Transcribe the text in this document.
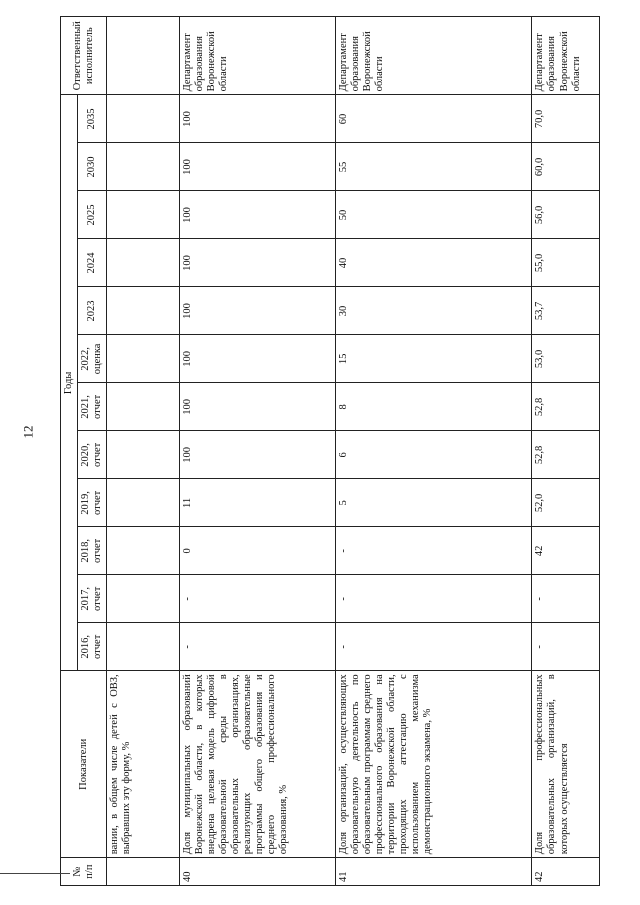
12
№ п/п	Показатели	Годы												Ответственный исполнитель
		2016, отчет	2017, отчет	2018, отчет	2019, отчет	2020, отчет	2021, отчет	2022, оценка	2023	2024	2025	2030	2035	
	вании, в общем числе детей с ОВЗ, выбравших эту форму, %													
40	Доля муниципальных образований Воронежской области, в которых внедрена целевая модель цифровой образовательной среды в образовательных организациях, реализующих образовательные программы общего образования и среднего профессионального образования, %	-	-	0	11	100	100	100	100	100	100	100	100	Департамент образования Воронежской области
41	Доля организаций, осуществляющих образовательную деятельность по образовательным программам среднего профессионального образования на территории Воронежской области, проходящих аттестацию с использованием механизма демонстрационного экзамена, %	-	-	-	5	6	8	15	30	40	50	55	60	Департамент образования Воронежской области
42	Доля профессиональных образовательных организаций, в которых осуществляется	-	-	42	52,0	52,8	52,8	53,0	53,7	55,0	56,0	60,0	70,0	Департамент образования Воронежской области
